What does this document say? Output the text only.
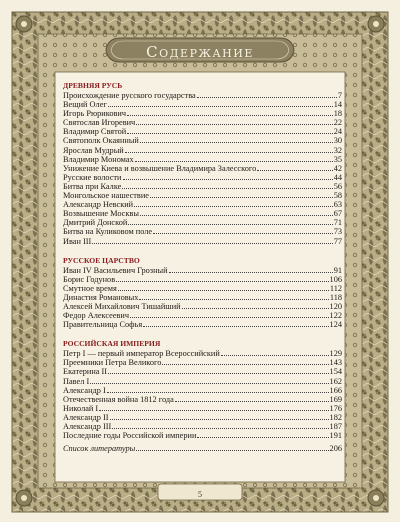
Содержание
ДРЕВНЯЯ РУСЬ
Происхождение русского государства	7
Вещий Олег	14
Игорь Рюрикович	18
Святослав Игоревич	22
Владимир Святой	24
Святополк Окаянный	30
Ярослав Мудрый	32
Владимир Мономах	35
Унижение Киева и возвышение Владимира Залесского	42
Русские волости	44
Битва при Калке	56
Монгольское нашествие	58
Александр Невский	63
Возвышение Москвы	67
Дмитрий Донской	71
Битва на Куликовом поле	73
Иван III	77
РУССКОЕ ЦАРСТВО
Иван IV Васильевич Грозный	91
Борис Годунов	106
Смутное время	112
Династия Романовых	118
Алексей Михайлович Тишайший	120
Федор Алексеевич	122
Правительница Софья	124
РОССИЙСКАЯ ИМПЕРИЯ
Петр I — первый император Всероссийский	129
Преемники Петра Великого	143
Екатерина II	154
Павел I	162
Александр I	166
Отечественная война 1812 года	169
Николай I	176
Александр II	182
Александр III	187
Последние годы Российской империи	191
Список литературы	206
5
